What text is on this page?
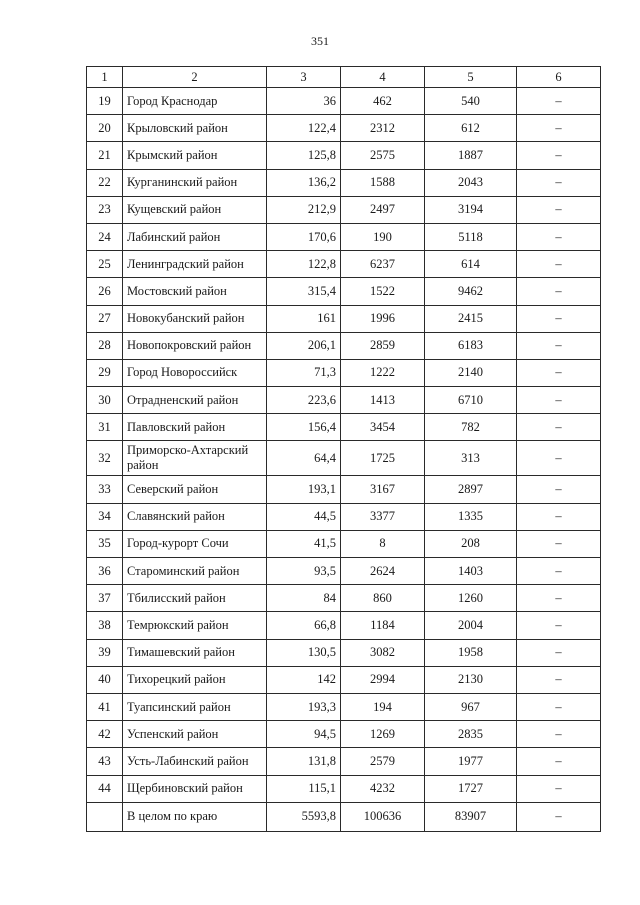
351
1	2	3	4	5	6
19	Город Краснодар	36	462	540	–
20	Крыловский район	122,4	2312	612	–
21	Крымский район	125,8	2575	1887	–
22	Курганинский район	136,2	1588	2043	–
23	Кущевский район	212,9	2497	3194	–
24	Лабинский район	170,6	190	5118	–
25	Ленинградский район	122,8	6237	614	–
26	Мостовский район	315,4	1522	9462	–
27	Новокубанский район	161	1996	2415	–
28	Новопокровский район	206,1	2859	6183	–
29	Город Новороссийск	71,3	1222	2140	–
30	Отрадненский район	223,6	1413	6710	–
31	Павловский район	156,4	3454	782	–
32	Приморско-Ахтарский район	64,4	1725	313	–
33	Северский район	193,1	3167	2897	–
34	Славянский район	44,5	3377	1335	–
35	Город-курорт Сочи	41,5	8	208	–
36	Староминский район	93,5	2624	1403	–
37	Тбилисский район	84	860	1260	–
38	Темрюкский район	66,8	1184	2004	–
39	Тимашевский район	130,5	3082	1958	–
40	Тихорецкий район	142	2994	2130	–
41	Туапсинский район	193,3	194	967	–
42	Успенский район	94,5	1269	2835	–
43	Усть-Лабинский район	131,8	2579	1977	–
44	Щербиновский район	115,1	4232	1727	–
	В целом по краю	5593,8	100636	83907	–
